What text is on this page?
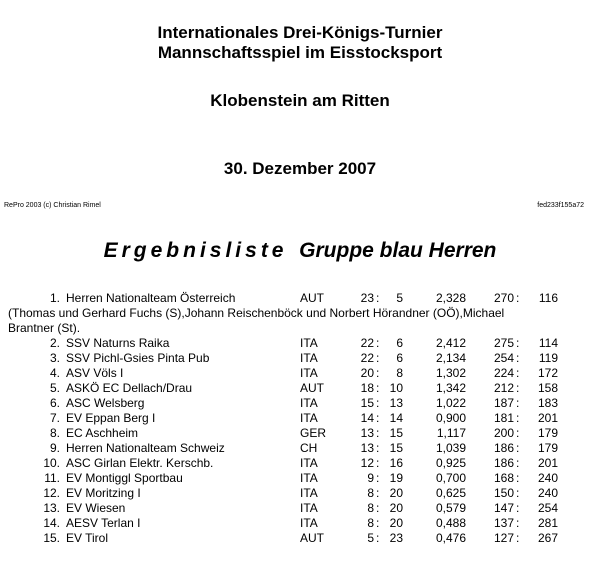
Internationales Drei-Königs-Turnier
Mannschaftsspiel im Eisstocksport
Klobenstein am Ritten
30. Dezember 2007
RePro 2003 (c) Christian Rimel	fed233f155a72
Ergebnisliste Gruppe blau Herren
1. Herren Nationalteam Österreich	AUT	23 :	5	2,328	270 :	116
2. SSV Naturns Raika	ITA	22 :	6	2,412	275 :	114
3. SSV Pichl-Gsies Pinta Pub	ITA	22 :	6	2,134	254 :	119
4. ASV Völs I	ITA	20 :	8	1,302	224 :	172
5. ASKÖ EC Dellach/Drau	AUT	18 : 10	1,342	212 :	158
6. ASC Welsberg	ITA	15 : 13	1,022	187 :	183
7. EV Eppan Berg I	ITA	14 : 14	0,900	181 :	201
8. EC Aschheim	GER	13 : 15	1,117	200 :	179
9. Herren Nationalteam Schweiz	CH	13 : 15	1,039	186 :	179
10. ASC Girlan Elektr. Kerschb.	ITA	12 : 16	0,925	186 :	201
11. EV Montiggl Sportbau	ITA	9 : 19	0,700	168 :	240
12. EV Moritzing I	ITA	8 : 20	0,625	150 :	240
13. EV Wiesen	ITA	8 : 20	0,579	147 :	254
14. AESV Terlan I	ITA	8 : 20	0,488	137 :	281
15. EV Tirol	AUT	5 : 23	0,476	127 :	267
(Thomas und Gerhard Fuchs (S),Johann Reischenböck und Norbert Hörandner (OÖ),Michael
Brantner (St).
